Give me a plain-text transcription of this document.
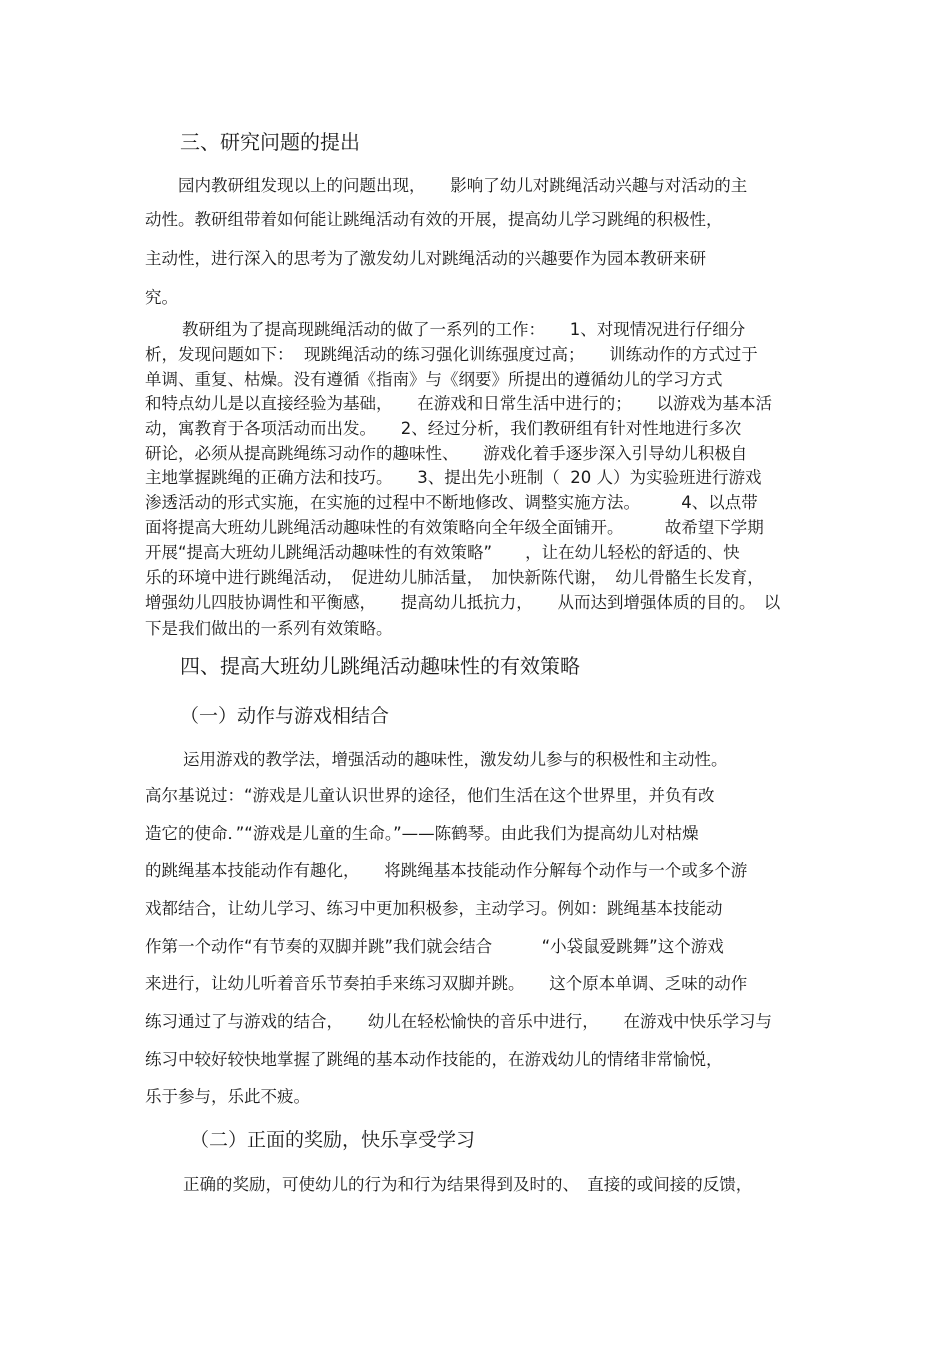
三、研究问题的提出
园内教研组发现以上的问题出现，　　影响了幼儿对跳绳活动兴趣与对活动的主
动性。教研组带着如何能让跳绳活动有效的开展，提高幼儿学习跳绳的积极性，
主动性，进行深入的思考为了激发幼儿对跳绳活动的兴趣要作为园本教研来研
究。
教研组为了提高现跳绳活动的做了一系列的工作：　　1、对现情况进行仔细分
析，发现问题如下：  现跳绳活动的练习强化训练强度过高；　　训练动作的方式过于
单调、重复、枯燥。没有遵循《指南》与《纲要》所提出的遵循幼儿的学习方式
和特点幼儿是以直接经验为基础，　　在游戏和日常生活中进行的；　　以游戏为基本活
动，寓教育于各项活动而出发。　　2、经过分析，我们教研组有针对性地进行多次
研论，必须从提高跳绳练习动作的趣味性、　　游戏化着手逐步深入引导幼儿积极自
主地掌握跳绳的正确方法和技巧。　　3、提出先小班制（  20 人）为实验班进行游戏
渗透活动的形式实施，在实施的过程中不断地修改、调整实施方法。　　　4、以点带
面将提高大班幼儿跳绳活动趣味性的有效策略向全年级全面铺开。　　　故希望下学期
开展“提高大班幼儿跳绳活动趣味性的有效策略”　　，让在幼儿轻松的舒适的、快
乐的环境中进行跳绳活动，　促进幼儿肺活量，　加快新陈代谢，　幼儿骨骼生长发育，
增强幼儿四肢协调性和平衡感，　　提高幼儿抵抗力，　　从而达到增强体质的目的。　以
下是我们做出的一系列有效策略。
四、提高大班幼儿跳绳活动趣味性的有效策略
（一）动作与游戏相结合
运用游戏的教学法，增强活动的趣味性，激发幼儿参与的积极性和主动性。
高尔基说过：“游戏是儿童认识世界的途径，他们生活在这个世界里，并负有改
造它的使命．”“游戏是儿童的生命。”——陈鹤琴。由此我们为提高幼儿对枯燥
的跳绳基本技能动作有趣化，　　将跳绳基本技能动作分解每个动作与一个或多个游
戏都结合，让幼儿学习、练习中更加积极参，主动学习。例如：跳绳基本技能动
作第一个动作“有节奏的双脚并跳”我们就会结合　　　“小袋鼠爱跳舞”这个游戏
来进行，让幼儿听着音乐节奏拍手来练习双脚并跳。　　这个原本单调、乏味的动作
练习通过了与游戏的结合，　　幼儿在轻松愉快的音乐中进行，　　在游戏中快乐学习与
练习中较好较快地掌握了跳绳的基本动作技能的，在游戏幼儿的情绪非常愉悦，
乐于参与，乐此不疲。
（二）正面的奖励，快乐享受学习
正确的奖励，可使幼儿的行为和行为结果得到及时的、　直接的或间接的反馈，
